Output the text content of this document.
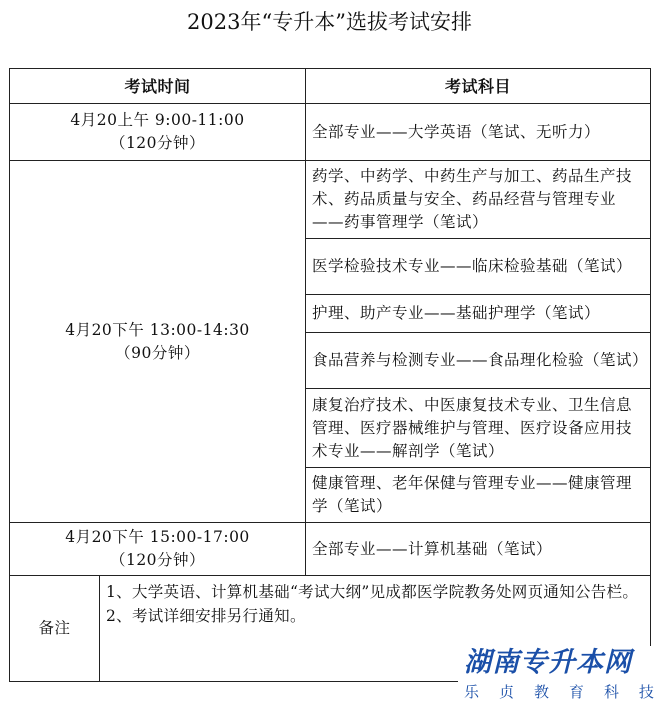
2023年“专升本”选拔考试安排
考试时间	考试科目
4月20上午 9:00-11:00
（120分钟）
全部专业——大学英语（笔试、无听力）
4月20下午 13:00-14:30
（90分钟）
药学、中药学、中药生产与加工、药品生产技术、药品质量与安全、药品经营与管理专业——药事管理学（笔试）
医学检验技术专业——临床检验基础（笔试）
护理、助产专业——基础护理学（笔试）
食品营养与检测专业——食品理化检验（笔试）
康复治疗技术、中医康复技术专业、卫生信息管理、医疗器械维护与管理、医疗设备应用技术专业——解剖学（笔试）
健康管理、老年保健与管理专业——健康管理学（笔试）
4月20下午 15:00-17:00
（120分钟）
全部专业——计算机基础（笔试）
备注
1、大学英语、计算机基础“考试大纲”见成都医学院教务处网页通知公告栏。
2、考试详细安排另行通知。
湖南专升本网
乐 贞 教 育 科 技
